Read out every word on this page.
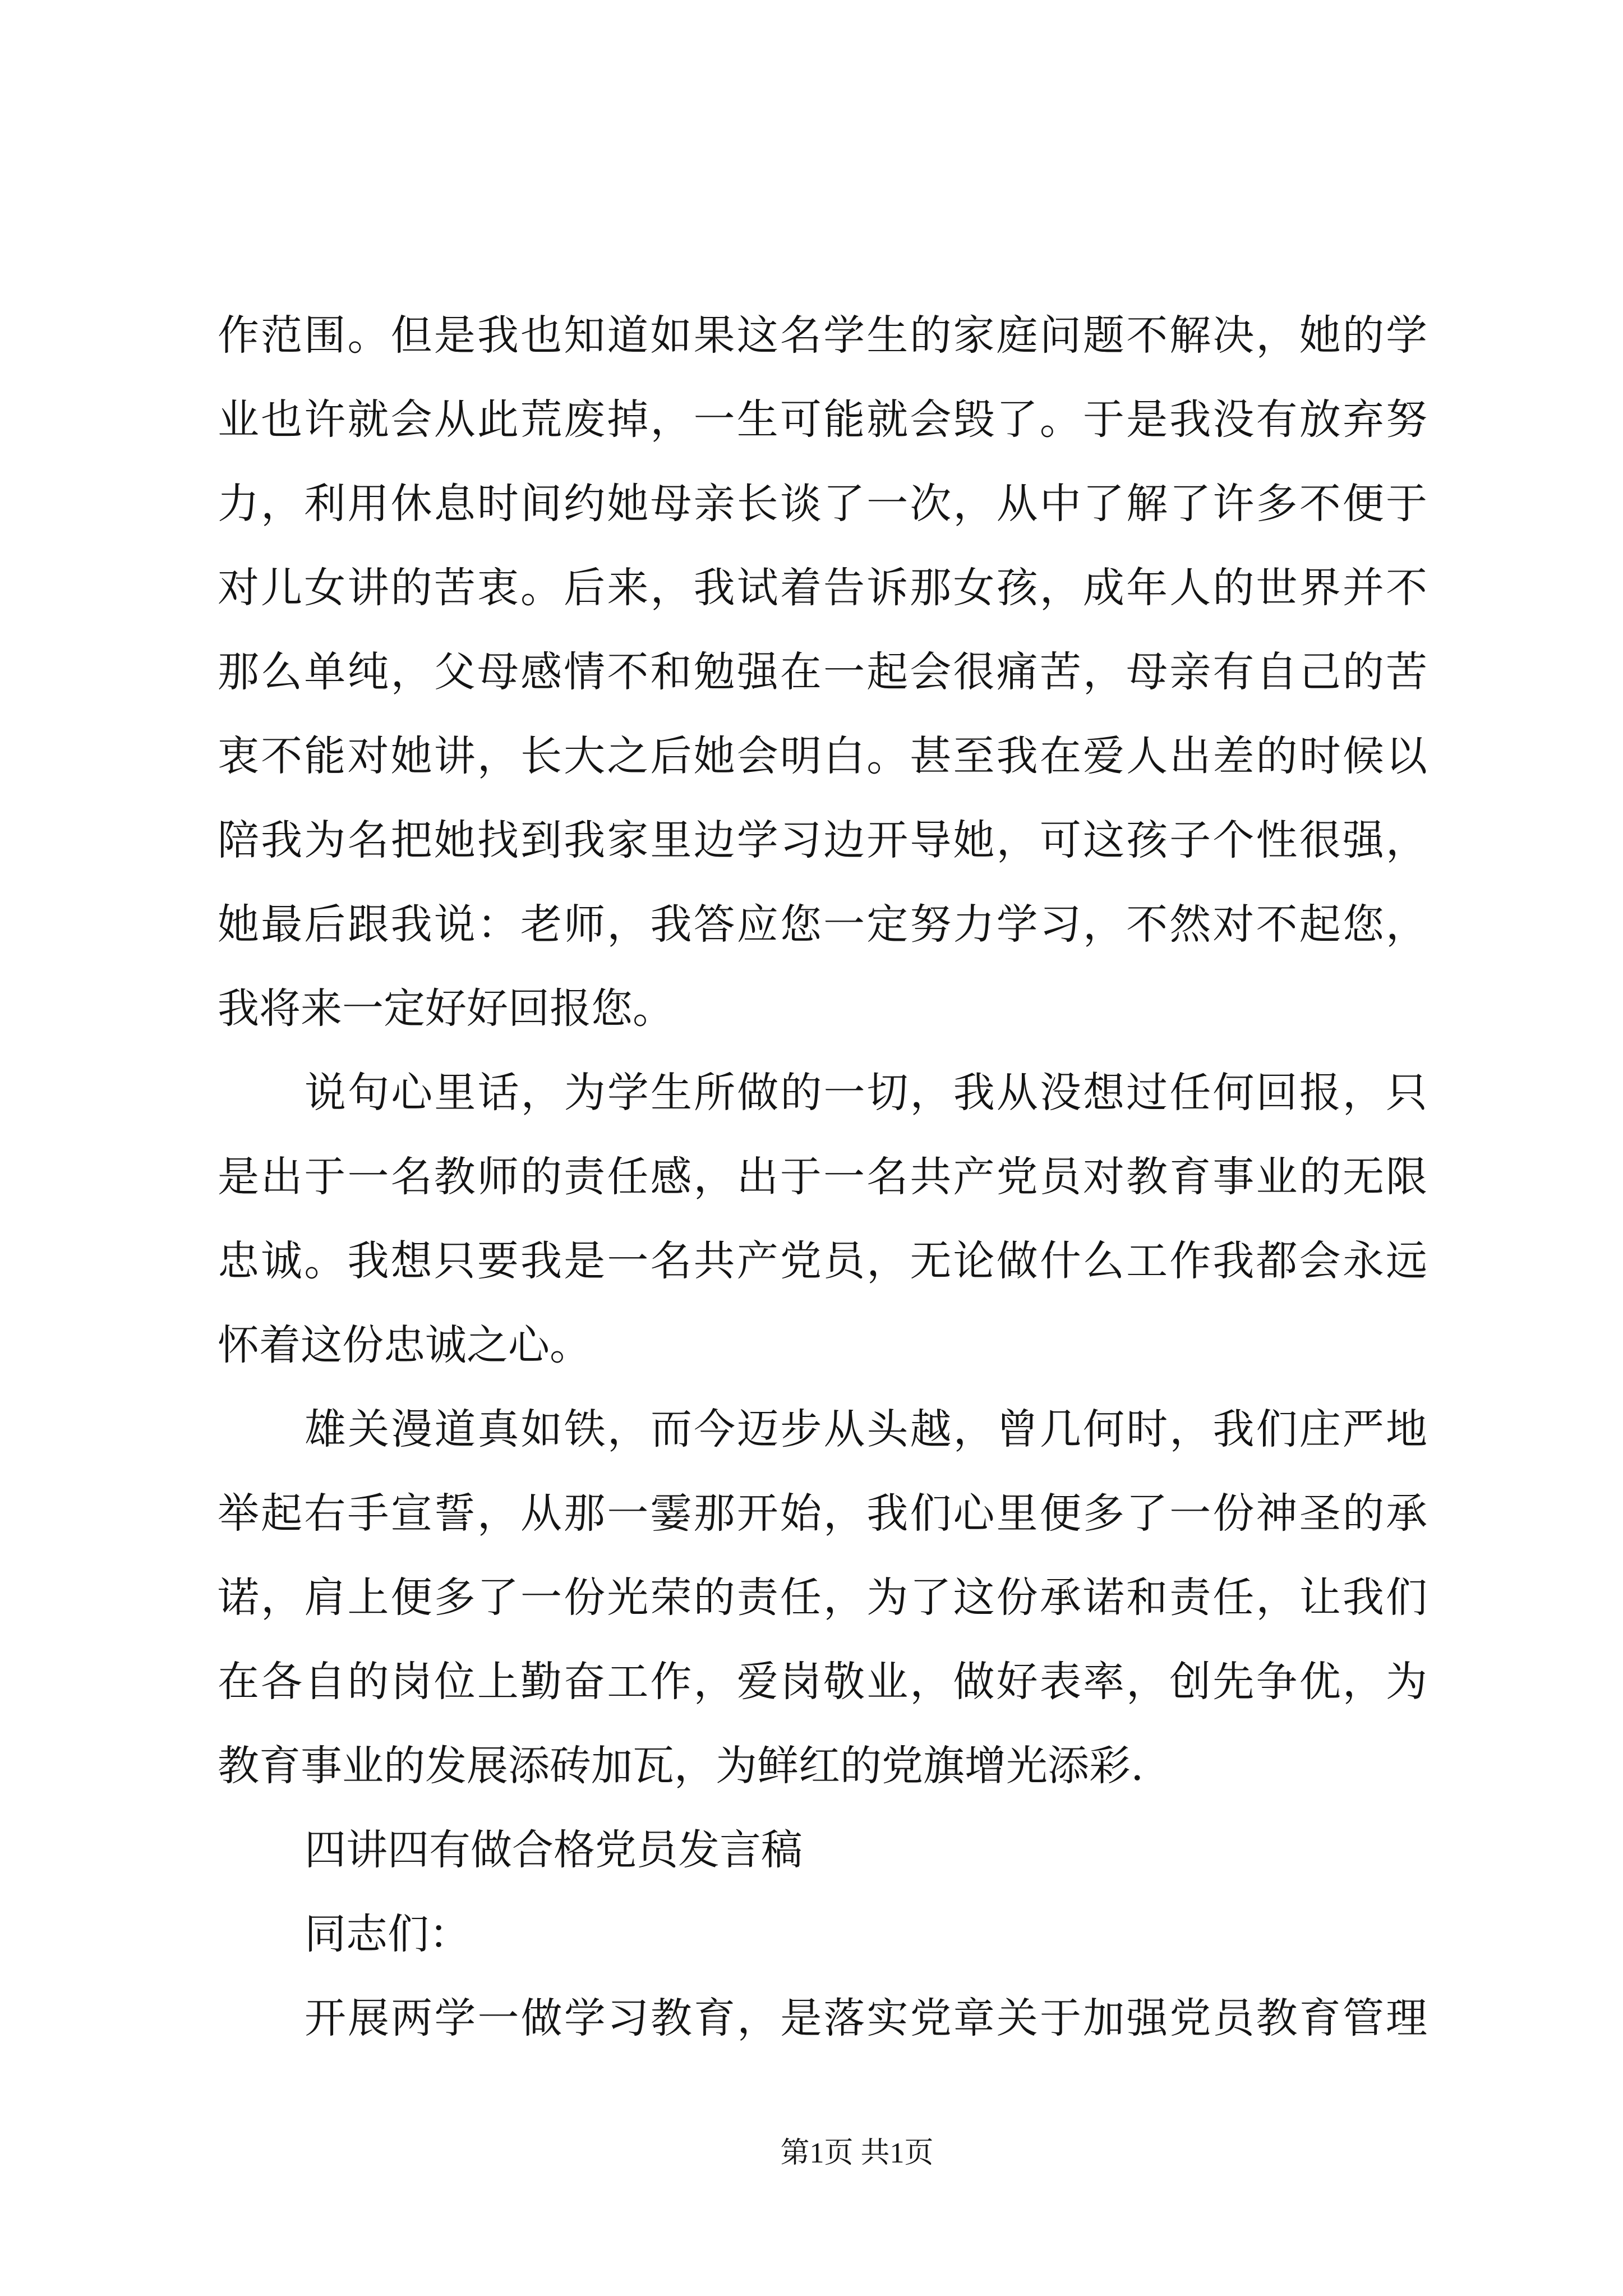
作范围。但是我也知道如果这名学生的家庭问题不解决，她的学
业也许就会从此荒废掉，一生可能就会毁了。于是我没有放弃努
力，利用休息时间约她母亲长谈了一次，从中了解了许多不便于
对儿女讲的苦衷。后来，我试着告诉那女孩，成年人的世界并不
那么单纯，父母感情不和勉强在一起会很痛苦，母亲有自己的苦
衷不能对她讲，长大之后她会明白。甚至我在爱人出差的时候以
陪我为名把她找到我家里边学习边开导她，可这孩子个性很强，
她最后跟我说：老师，我答应您一定努力学习，不然对不起您，
我将来一定好好回报您。

说句心里话，为学生所做的一切，我从没想过任何回报，只
是出于一名教师的责任感，出于一名共产党员对教育事业的无限
忠诚。我想只要我是一名共产党员，无论做什么工作我都会永远
怀着这份忠诚之心。

雄关漫道真如铁，而今迈步从头越，曾几何时，我们庄严地
举起右手宣誓，从那一霎那开始，我们心里便多了一份神圣的承
诺，肩上便多了一份光荣的责任，为了这份承诺和责任，让我们
在各自的岗位上勤奋工作，爱岗敬业，做好表率，创先争优，为
教育事业的发展添砖加瓦，为鲜红的党旗增光添彩.

四讲四有做合格党员发言稿

同志们：

开展两学一做学习教育，是落实党章关于加强党员教育管理

第1页 共1页
